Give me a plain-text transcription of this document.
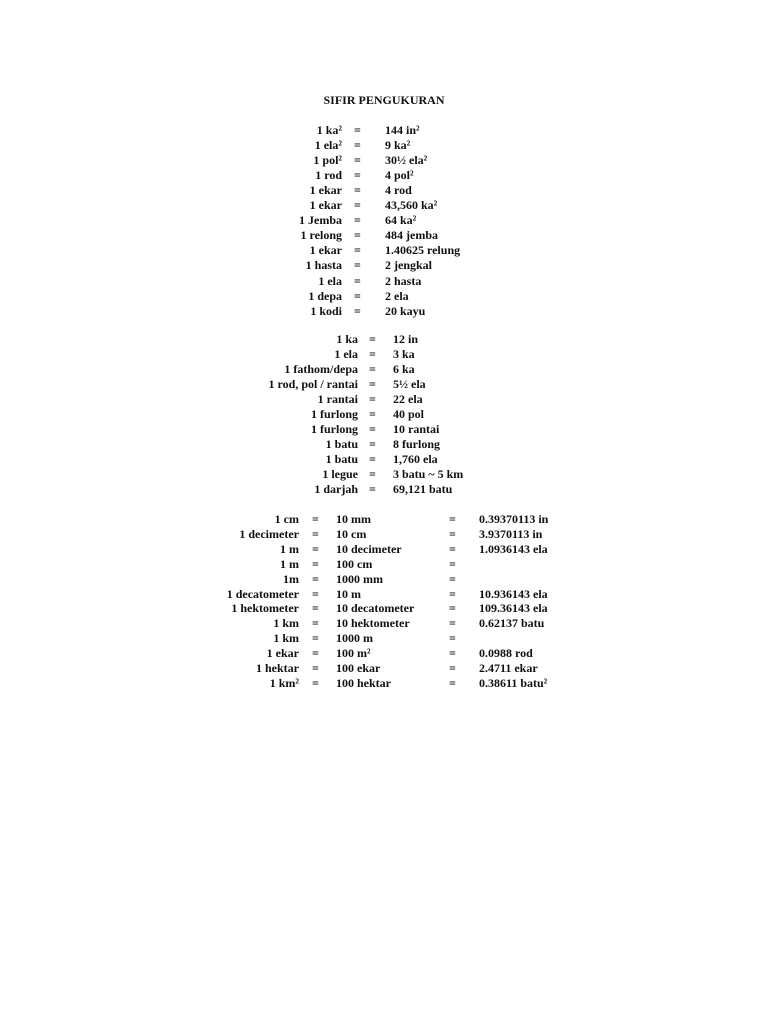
SIFIR PENGUKURAN
1 ka² = 144 in²
1 ela² = 9 ka²
1 pol² = 30½ ela²
1 rod = 4 pol²
1 ekar = 4 rod
1 ekar = 43,560 ka²
1 Jemba = 64 ka²
1 relong = 484 jemba
1 ekar = 1.40625 relung
1 hasta = 2 jengkal
1 ela = 2 hasta
1 depa = 2 ela
1 kodi = 20 kayu
1 ka = 12 in
1 ela = 3 ka
1 fathom/depa = 6 ka
1 rod, pol / rantai = 5½ ela
1 rantai = 22 ela
1 furlong = 40 pol
1 furlong = 10 rantai
1 batu = 8 furlong
1 batu = 1,760 ela
1 legue = 3 batu ~ 5 km
1 darjah = 69,121 batu
1 cm = 10 mm	= 0.39370113 in
1 decimeter = 10 cm	= 3.9370113 in
1 m = 10 decimeter	= 1.0936143 ela
1 m = 100 cm	=
1m = 1000 mm	=
1 decatometer = 10 m	= 10.936143 ela
1 hektometer = 10 decatometer	= 109.36143 ela
1 km = 10 hektometer	= 0.62137 batu
1 km = 1000 m	=
1 ekar = 100 m²	= 0.0988 rod
1 hektar = 100 ekar	= 2.4711 ekar
1 km² = 100 hektar	= 0.38611 batu²
